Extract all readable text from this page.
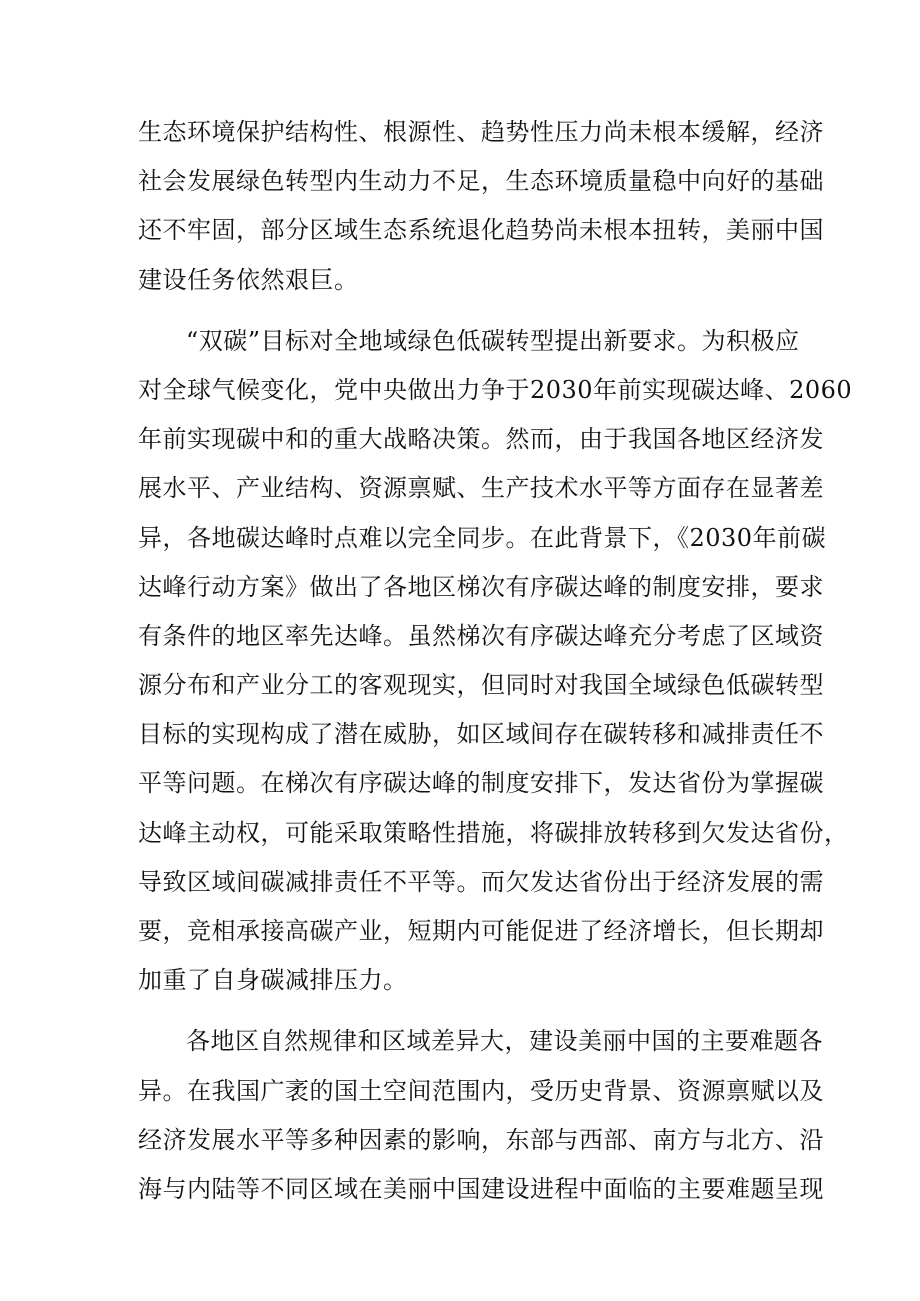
生态环境保护结构性、根源性、趋势性压力尚未根本缓解，经济
社会发展绿色转型内生动力不足，生态环境质量稳中向好的基础
还不牢固，部分区域生态系统退化趋势尚未根本扭转，美丽中国
建设任务依然艰巨。
“双碳”目标对全地域绿色低碳转型提出新要求。为积极应
对全球气候变化，党中央做出力争于2030年前实现碳达峰、2060
年前实现碳中和的重大战略决策。然而，由于我国各地区经济发
展水平、产业结构、资源禀赋、生产技术水平等方面存在显著差
异，各地碳达峰时点难以完全同步。在此背景下，《2030年前碳
达峰行动方案》做出了各地区梯次有序碳达峰的制度安排，要求
有条件的地区率先达峰。虽然梯次有序碳达峰充分考虑了区域资
源分布和产业分工的客观现实，但同时对我国全域绿色低碳转型
目标的实现构成了潜在威胁，如区域间存在碳转移和减排责任不
平等问题。在梯次有序碳达峰的制度安排下，发达省份为掌握碳
达峰主动权，可能采取策略性措施，将碳排放转移到欠发达省份，
导致区域间碳减排责任不平等。而欠发达省份出于经济发展的需
要，竞相承接高碳产业，短期内可能促进了经济增长，但长期却
加重了自身碳减排压力。
各地区自然规律和区域差异大，建设美丽中国的主要难题各
异。在我国广袤的国土空间范围内，受历史背景、资源禀赋以及
经济发展水平等多种因素的影响，东部与西部、南方与北方、沿
海与内陆等不同区域在美丽中国建设进程中面临的主要难题呈现
